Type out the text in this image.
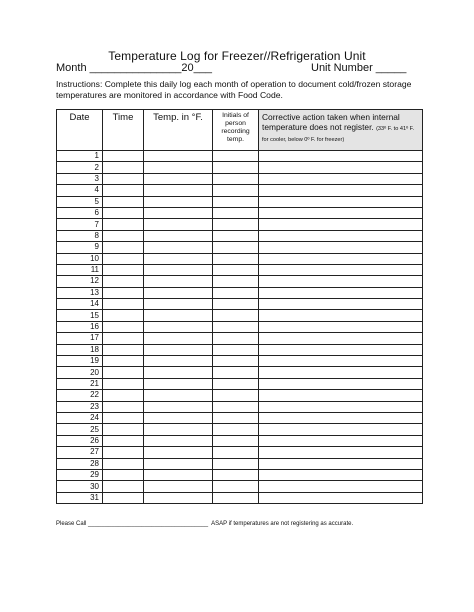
Temperature Log for Freezer//Refrigeration Unit
Month _______________20___	Unit Number _____
Instructions: Complete this daily log each month of operation to document cold/frozen storage temperatures are monitored in accordance with Food Code.
Date	Time	Temp. in °F.	Initials of person recording temp.	Corrective action taken when internal temperature does not register. (33º F. to 41º F. for cooler, below 0º F. for freezer)
1				
2				
3				
4				
5				
6				
7				
8				
9				
10				
11				
12				
13				
14				
15				
16				
17				
18				
19				
20				
21				
22				
23				
24				
25				
26				
27				
28				
29				
30				
31				
Please Call ____________________________________  ASAP if temperatures are not registering as accurate.
